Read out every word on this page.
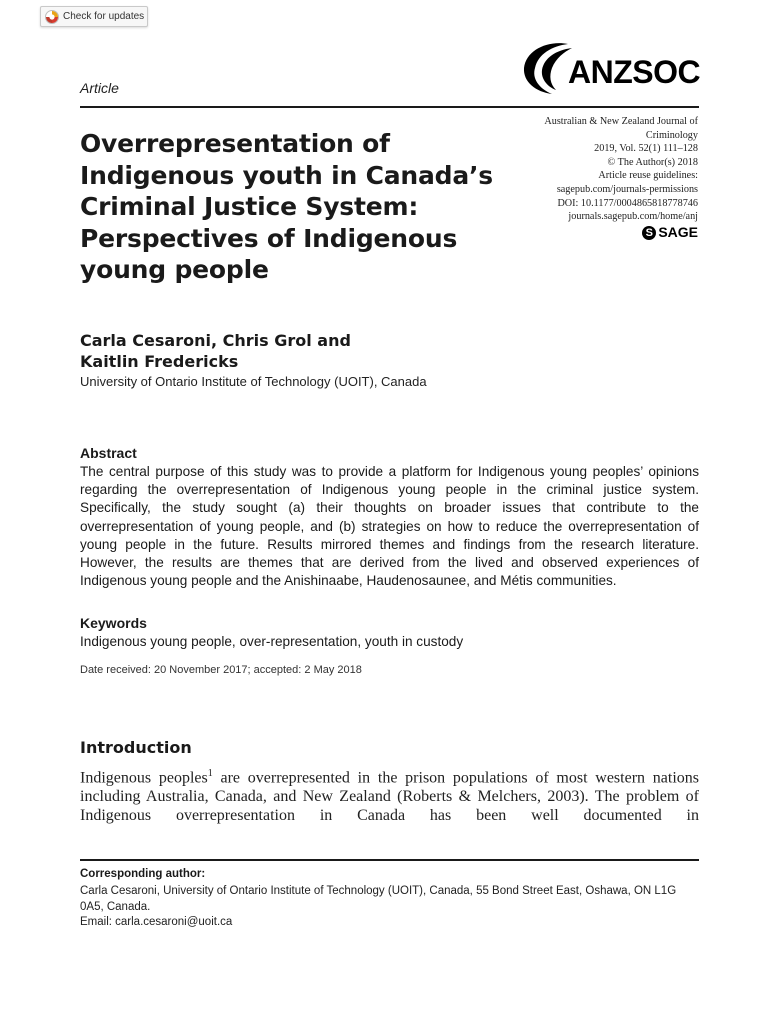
Check for updates
ANZSOC
Article
Overrepresentation of Indigenous youth in Canada’s Criminal Justice System: Perspectives of Indigenous young people
Australian & New Zealand Journal of
Criminology
2019, Vol. 52(1) 111–128
© The Author(s) 2018
Article reuse guidelines:
sagepub.com/journals-permissions
DOI: 10.1177/0004865818778746
journals.sagepub.com/home/anj
S SAGE
Carla Cesaroni, Chris Grol and
Kaitlin Fredericks
University of Ontario Institute of Technology (UOIT), Canada
Abstract
The central purpose of this study was to provide a platform for Indigenous young peoples’ opinions regarding the overrepresentation of Indigenous young people in the criminal justice system. Specifically, the study sought (a) their thoughts on broader issues that contribute to the overrepresentation of young people, and (b) strategies on how to reduce the overrepresentation of young people in the future. Results mirrored themes and findings from the research literature. However, the results are themes that are derived from the lived and observed experiences of Indigenous young people and the Anishinaabe, Haudenosaunee, and Métis communities.
Keywords
Indigenous young people, over-representation, youth in custody
Date received: 20 November 2017; accepted: 2 May 2018
Introduction

Indigenous peoples$^1$ are overrepresented in the prison populations of most western nations including Australia, Canada, and New Zealand (Roberts & Melchers, 2003). The problem of Indigenous overrepresentation in Canada has been well documented in

Corresponding author:
Carla Cesaroni, University of Ontario Institute of Technology (UOIT), Canada, 55 Bond Street East, Oshawa, ON L1G 0A5, Canada.
Email: carla.cesaroni@uoit.ca
